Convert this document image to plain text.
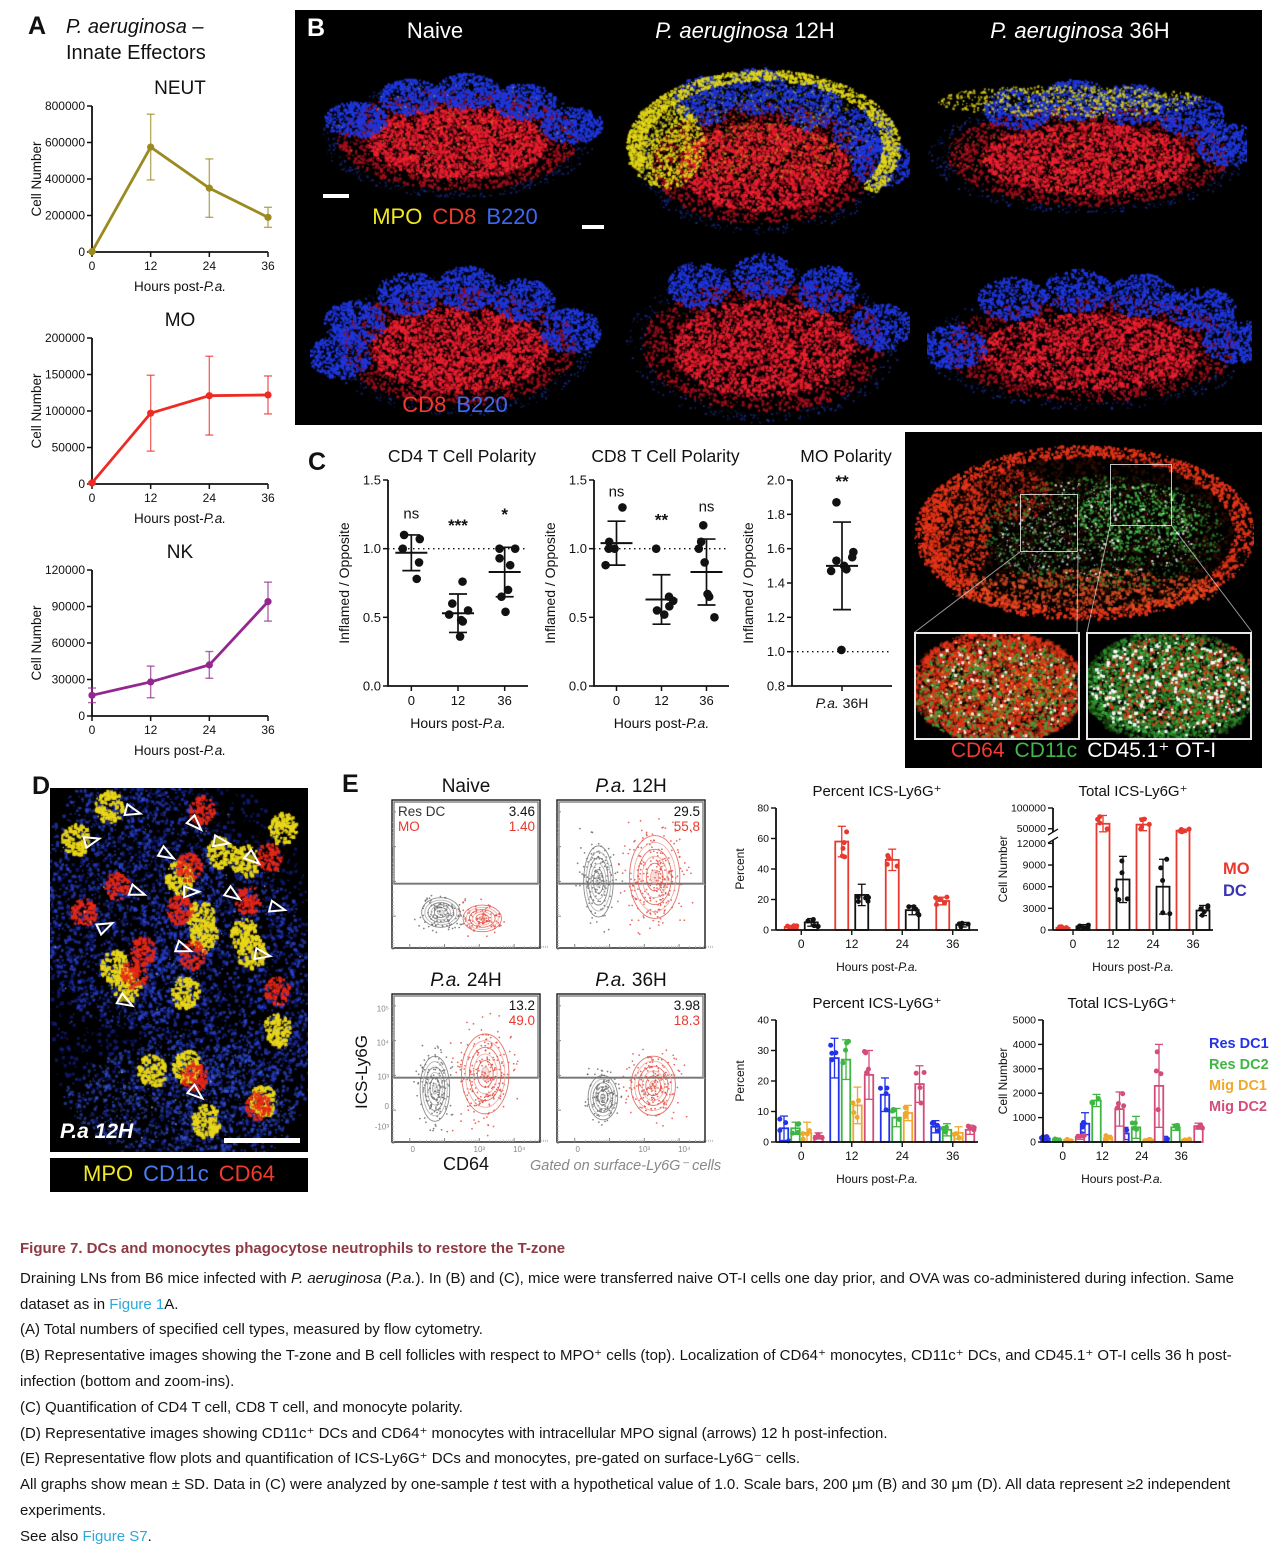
A P. aeruginosa –
Innate Effectors
NEUT
0
200000
400000
600000
800000
0	12	24	36
Cell Number
Hours post-P.a.
MO
0
50000
100000
150000
200000
0	12	24	36
Cell Number
Hours post-P.a.
NK
0
30000
60000
90000
120000
0	12	24	36
Cell Number
Hours post-P.a.
B	Naive	P. aeruginosa 12H	P. aeruginosa 36H
MPO CD8 B220
CD8 B220
CD64 CD11c CD45.1⁺ OT-I
C	CD4 T Cell Polarity
0.0
0.5
1.0
1.5
ns
0
***
12
*
36
Hours post-P.a.
Inflamed / Opposite
CD8 T Cell Polarity
0.0
0.5
1.0
1.5
ns
0
**
12
ns
36
Hours post-P.a.
Inflamed / Opposite
MO Polarity
0.8
1.0
1.2
1.4
1.6
1.8
2.0	**
P.a. 36H
Inflamed / Opposite
D
P.a 12H
MPO CD11c CD64
E	Naive	P.a. 12H
3.46
1.40
Res DC
MO
29.5
55.8
P.a. 24H	P.a. 36H
13.2
49.0
10⁵
10⁴
10³
0
-10³
0	10³	10⁴
3.98
18.3
0	10³	10⁴
ICS-Ly6G
CD64	Gated on surface-Ly6G⁻ cells
Percent ICS-Ly6G⁺
0
20
40
60
80
0	12	24	36
Hours post-P.a.
Percent
Total ICS-Ly6G⁺
0
3000
6000
9000
12000
50000
100000
0 12 24 36
Hours post-P.a.
Cell Number	MO
DC
Percent ICS-Ly6G⁺
0
10
20
30
40
0	12	24	36
Hours post-P.a.
Percent
Total ICS-Ly6G⁺
0
1000
2000
3000
4000
5000
0 12 24 36
Hours post-P.a.
Cell Number
Res DC1
Res DC2
Mig DC1
Mig DC2

Figure 7. DCs and monocytes phagocytose neutrophils to restore the T-zone

Draining LNs from B6 mice infected with P. aeruginosa (P.a.). In (B) and (C), mice were transferred naive OT-I cells one day prior, and OVA was co-administered during infection. Same dataset as in Figure 1A.

(A) Total numbers of specified cell types, measured by flow cytometry.

(B) Representative images showing the T-zone and B cell follicles with respect to MPO⁺ cells (top). Localization of CD64⁺ monocytes, CD11c⁺ DCs, and CD45.1⁺ OT-I cells 36 h post-infection (bottom and zoom-ins).

(C) Quantification of CD4 T cell, CD8 T cell, and monocyte polarity.

(D) Representative images showing CD11c⁺ DCs and CD64⁺ monocytes with intracellular MPO signal (arrows) 12 h post-infection.

(E) Representative flow plots and quantification of ICS-Ly6G⁺ DCs and monocytes, pre-gated on surface-Ly6G⁻ cells.

All graphs show mean ± SD. Data in (C) were analyzed by one-sample t test with a hypothetical value of 1.0. Scale bars, 200 μm (B) and 30 μm (D). All data represent ≥2 independent experiments.

See also Figure S7.
